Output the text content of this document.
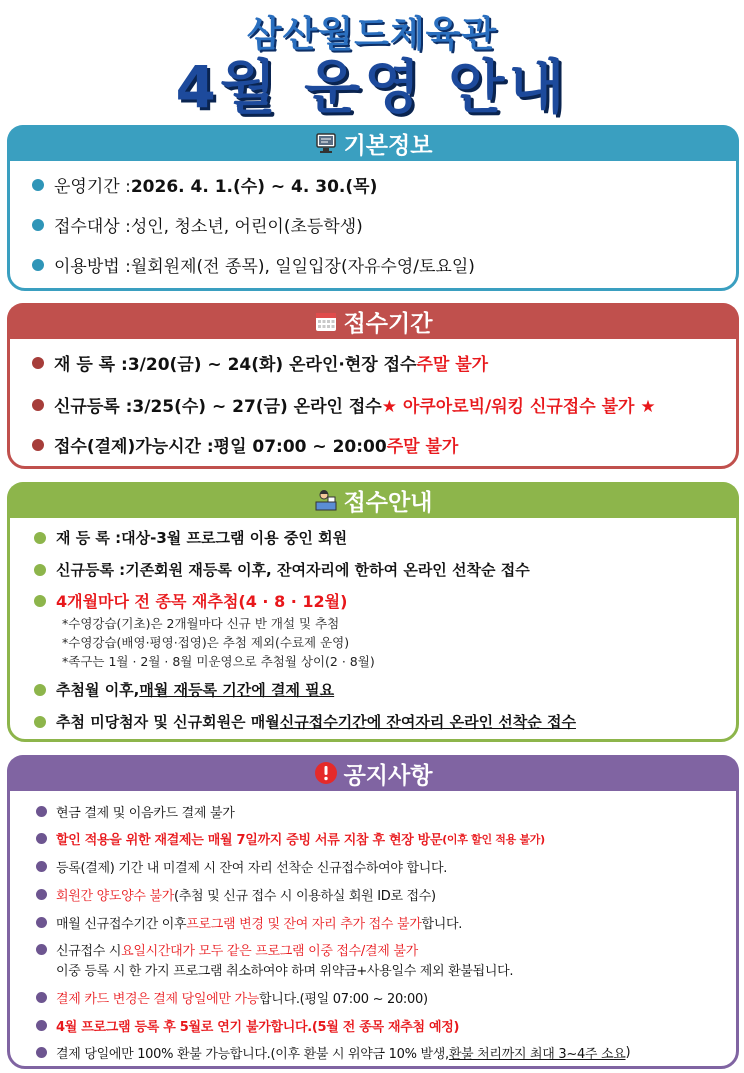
삼산월드체육관
4월 운영 안내
기본정보
운영기간 : 2026. 4. 1.(수) ~ 4. 30.(목)
접수대상 : 성인, 청소년, 어린이(초등학생)
이용방법 : 월회원제(전 종목), 일일입장(자유수영/토요일)
접수기간
재 등 록 : 3/20(금) ~ 24(화) 온라인·현장 접수 주말 불가
신규등록 : 3/25(수) ~ 27(금) 온라인 접수 ★ 아쿠아로빅/워킹 신규접수 불가 ★
접수(결제)가능시간 : 평일 07:00 ~ 20:00 주말 불가
접수안내
재 등 록 : 대상-3월 프로그램 이용 중인 회원
신규등록 : 기존회원 재등록 이후, 잔여자리에 한하여 온라인 선착순 접수
4개월마다 전 종목 재추첨(4 · 8 · 12월)
*수영강습(기초)은 2개월마다 신규 반 개설 및 추첨
*수영강습(배영·평영·접영)은 추첨 제외(수료제 운영)
*족구는 1월 · 2월 · 8월 미운영으로 추첨월 상이(2 · 8월)
추첨월 이후, 매월 재등록 기간에 결제 필요
추첨 미당첨자 및 신규회원은 매월 신규접수기간에 잔여자리 온라인 선착순 접수
공지사항
현금 결제 및 이음카드 결제 불가
할인 적용을 위한 재결제는 매월 7일까지 증빙 서류 지참 후 현장 방문 (이후 할인 적용 불가)
등록(결제) 기간 내 미결제 시 잔여 자리 선착순 신규접수하여야 합니다.
회원간 양도양수 불가 (추첨 및 신규 접수 시 이용하실 회원 ID로 접수)
매월 신규접수기간 이후 프로그램 변경 및 잔여 자리 추가 접수 불가 합니다.
신규접수 시 요일시간대가 모두 같은 프로그램 이중 접수/결제 불가
이중 등록 시 한 가지 프로그램 취소하여야 하며 위약금+사용일수 제외 환불됩니다.
결제 카드 변경은 결제 당일에만 가능 합니다.(평일 07:00 ~ 20:00)
4월 프로그램 등록 후 5월로 연기 불가합니다.(5월 전 종목 재추첨 예정)
결제 당일에만 100% 환불 가능합니다.(이후 환불 시 위약금 10% 발생, 환불 처리까지 최대 3~4주 소요 )
